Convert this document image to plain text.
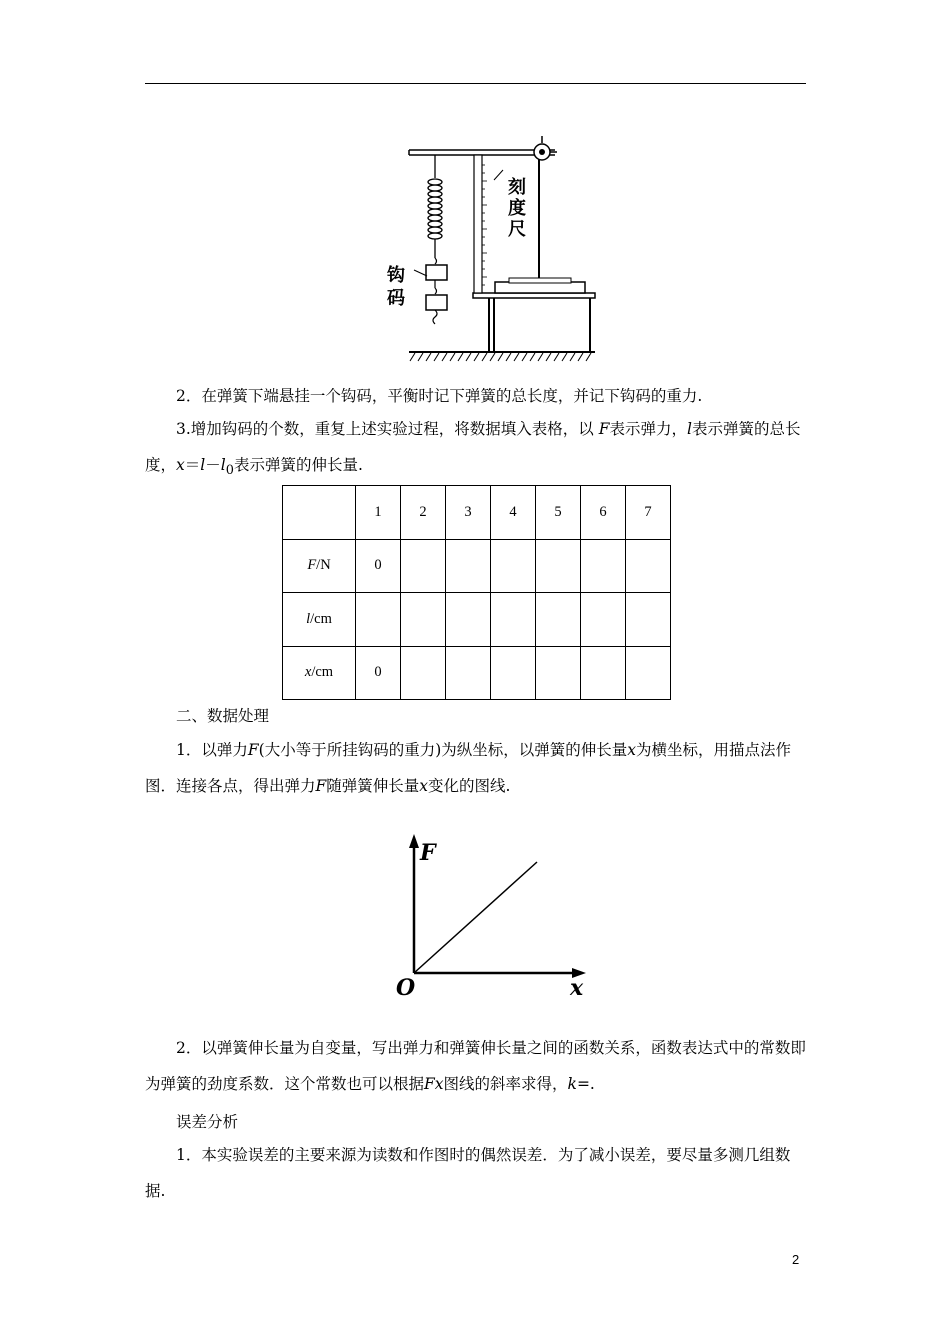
刻
度
尺
钩
码

2．在弹簧下端悬挂一个钩码，平衡时记下弹簧的总长度，并记下钩码的重力.

3.增加钩码的个数，重复上述实验过程，将数据填入表格，以 F表示弹力，l表示弹簧的总长度，$x=l-l_0$表示弹簧的伸长量.

	1	2	3	4	5	6	7
F/N	0						
l/cm							
x/cm	0						

二、数据处理

1．以弹力F(大小等于所挂钩码的重力)为纵坐标，以弹簧的伸长量x为横坐标，用描点法作图．连接各点，得出弹力F随弹簧伸长量x变化的图线.

F
x
O

2．以弹簧伸长量为自变量，写出弹力和弹簧伸长量之间的函数关系，函数表达式中的常数即为弹簧的劲度系数．这个常数也可以根据Fx图线的斜率求得，k=.

误差分析

1．本实验误差的主要来源为读数和作图时的偶然误差．为了减小误差，要尽量多测几组数据.

2
